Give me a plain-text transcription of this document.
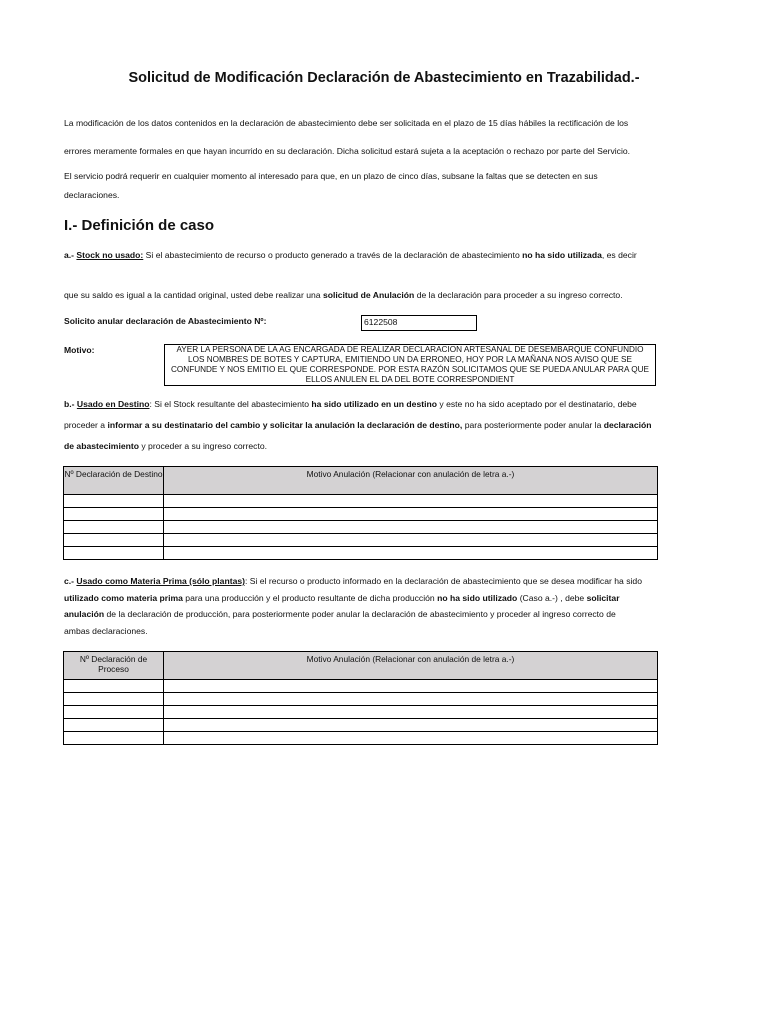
Solicitud de Modificación Declaración de Abastecimiento en Trazabilidad.-
La modificación de los datos contenidos en la declaración de abastecimiento debe ser solicitada en el plazo de 15 días hábiles la rectificación de los
errores meramente formales en que hayan incurrido en su declaración. Dicha solicitud estará sujeta a la aceptación o rechazo por parte del Servicio.
El servicio podrá requerir en cualquier momento al interesado para que, en un plazo de cinco días, subsane la faltas que se detecten en sus
declaraciones.
I.- Definición de caso
a.- Stock no usado: Si el abastecimiento de recurso o producto generado a través de la declaración de abastecimiento no ha sido utilizada, es decir
que su saldo es igual a la cantidad original, usted debe realizar una solicitud de Anulación de la declaración para proceder a su ingreso correcto.
Solicito anular declaración de Abastecimiento Nº:	6122508
Motivo:	AYER LA PERSONA DE LA AG ENCARGADA DE REALIZAR DECLARACION ARTESANAL DE DESEMBARQUE CONFUNDIO LOS NOMBRES DE BOTES Y CAPTURA, EMITIENDO UN DA ERRONEO, HOY POR LA MAÑANA NOS AVISO QUE SE CONFUNDE Y NOS EMITIO EL QUE CORRESPONDE. POR ESTA RAZÓN SOLICITAMOS QUE SE PUEDA ANULAR PARA QUE ELLOS ANULEN EL DA DEL BOTE CORRESPONDIENT
b.- Usado en Destino: Si el Stock resultante del abastecimiento ha sido utilizado en un destino y este no ha sido aceptado por el destinatario, debe
proceder a informar a su destinatario del cambio y solicitar la anulación la declaración de destino, para posteriormente poder anular la declaración
de abastecimiento y proceder a su ingreso correcto.
Nº Declaración de Destino	Motivo Anulación (Relacionar con anulación de letra a.-)

c.- Usado como Materia Prima (sólo plantas): Si el recurso o producto informado en la declaración de abastecimiento que se desea modificar ha sido
utilizado como materia prima para una producción y el producto resultante de dicha producción no ha sido utilizado (Caso a.-) , debe solicitar
anulación de la declaración de producción, para posteriormente poder anular la declaración de abastecimiento y proceder al ingreso correcto de
ambas declaraciones.
Nº Declaración de Proceso	Motivo Anulación (Relacionar con anulación de letra a.-)
